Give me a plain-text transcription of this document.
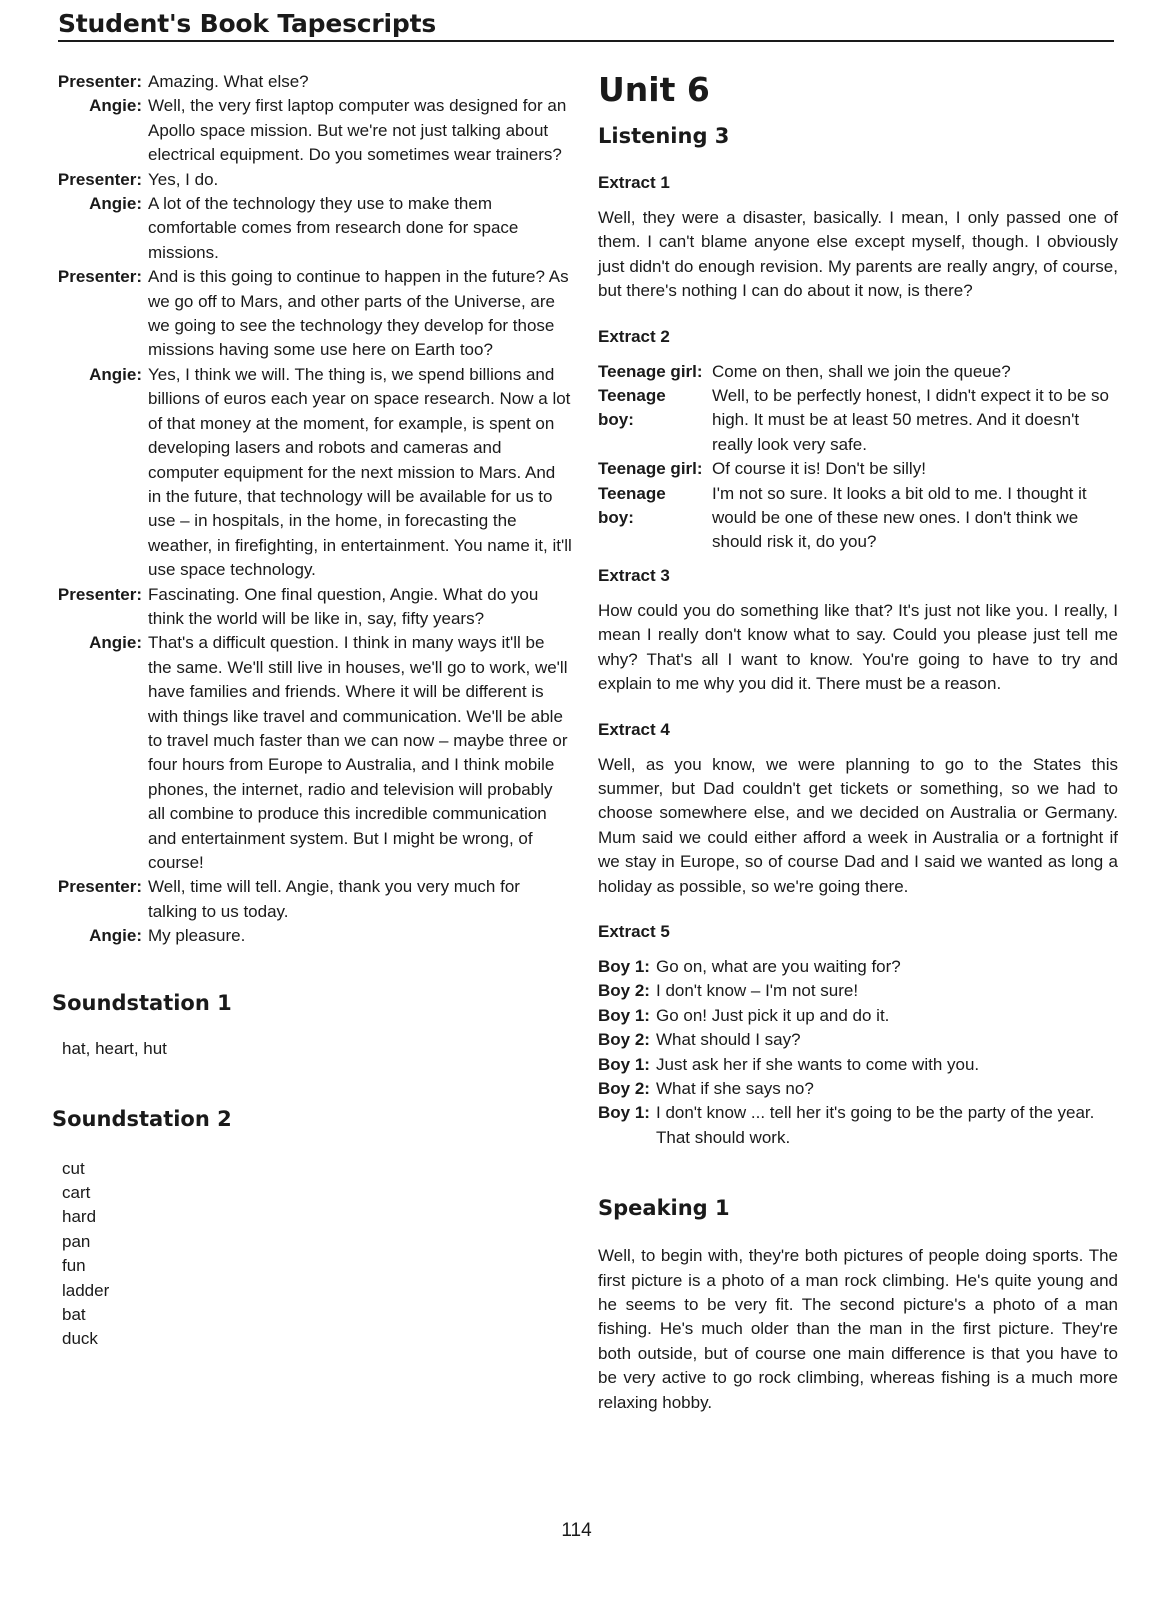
Student's Book Tapescripts
Presenter: Amazing. What else?
Angie: Well, the very first laptop computer was designed for an Apollo space mission. But we're not just talking about electrical equipment. Do you sometimes wear trainers?
Presenter: Yes, I do.
Angie: A lot of the technology they use to make them comfortable comes from research done for space missions.
Presenter: And is this going to continue to happen in the future? As we go off to Mars, and other parts of the Universe, are we going to see the technology they develop for those missions having some use here on Earth too?
Angie: Yes, I think we will. The thing is, we spend billions and billions of euros each year on space research. Now a lot of that money at the moment, for example, is spent on developing lasers and robots and cameras and computer equipment for the next mission to Mars. And in the future, that technology will be available for us to use – in hospitals, in the home, in forecasting the weather, in firefighting, in entertainment. You name it, it'll use space technology.
Presenter: Fascinating. One final question, Angie. What do you think the world will be like in, say, fifty years?
Angie: That's a difficult question. I think in many ways it'll be the same. We'll still live in houses, we'll go to work, we'll have families and friends. Where it will be different is with things like travel and communication. We'll be able to travel much faster than we can now – maybe three or four hours from Europe to Australia, and I think mobile phones, the internet, radio and television will probably all combine to produce this incredible communication and entertainment system. But I might be wrong, of course!
Presenter: Well, time will tell. Angie, thank you very much for talking to us today.
Angie: My pleasure.
Soundstation 1

hat, heart, hut

Soundstation 2
cut
cart
hard
pan
fun
ladder
bat
duck
Unit 6
Listening 3
Extract 1

Well, they were a disaster, basically. I mean, I only passed one of them. I can't blame anyone else except myself, though. I obviously just didn't do enough revision. My parents are really angry, of course, but there's nothing I can do about it now, is there?

Extract 2
Teenage girl: Come on then, shall we join the queue?
Teenage boy:
Well, to be perfectly honest, I didn't expect it to be so high. It must be at least 50 metres. And it doesn't really look very safe.
Teenage girl: Of course it is! Don't be silly!
Teenage boy:
I'm not so sure. It looks a bit old to me. I thought it would be one of these new ones. I don't think we should risk it, do you?
Extract 3

How could you do something like that? It's just not like you. I really, I mean I really don't know what to say. Could you please just tell me why? That's all I want to know. You're going to have to try and explain to me why you did it. There must be a reason.

Extract 4

Well, as you know, we were planning to go to the States this summer, but Dad couldn't get tickets or something, so we had to choose somewhere else, and we decided on Australia or Germany. Mum said we could either afford a week in Australia or a fortnight if we stay in Europe, so of course Dad and I said we wanted as long a holiday as possible, so we're going there.

Extract 5
Boy 1: Go on, what are you waiting for?
Boy 2: I don't know – I'm not sure!
Boy 1: Go on! Just pick it up and do it.
Boy 2: What should I say?
Boy 1: Just ask her if she wants to come with you.
Boy 2: What if she says no?
Boy 1: I don't know ... tell her it's going to be the party of the year. That should work.
Speaking 1

Well, to begin with, they're both pictures of people doing sports. The first picture is a photo of a man rock climbing. He's quite young and he seems to be very fit. The second picture's a photo of a man fishing. He's much older than the man in the first picture. They're both outside, but of course one main difference is that you have to be very active to go rock climbing, whereas fishing is a much more relaxing hobby.

114
